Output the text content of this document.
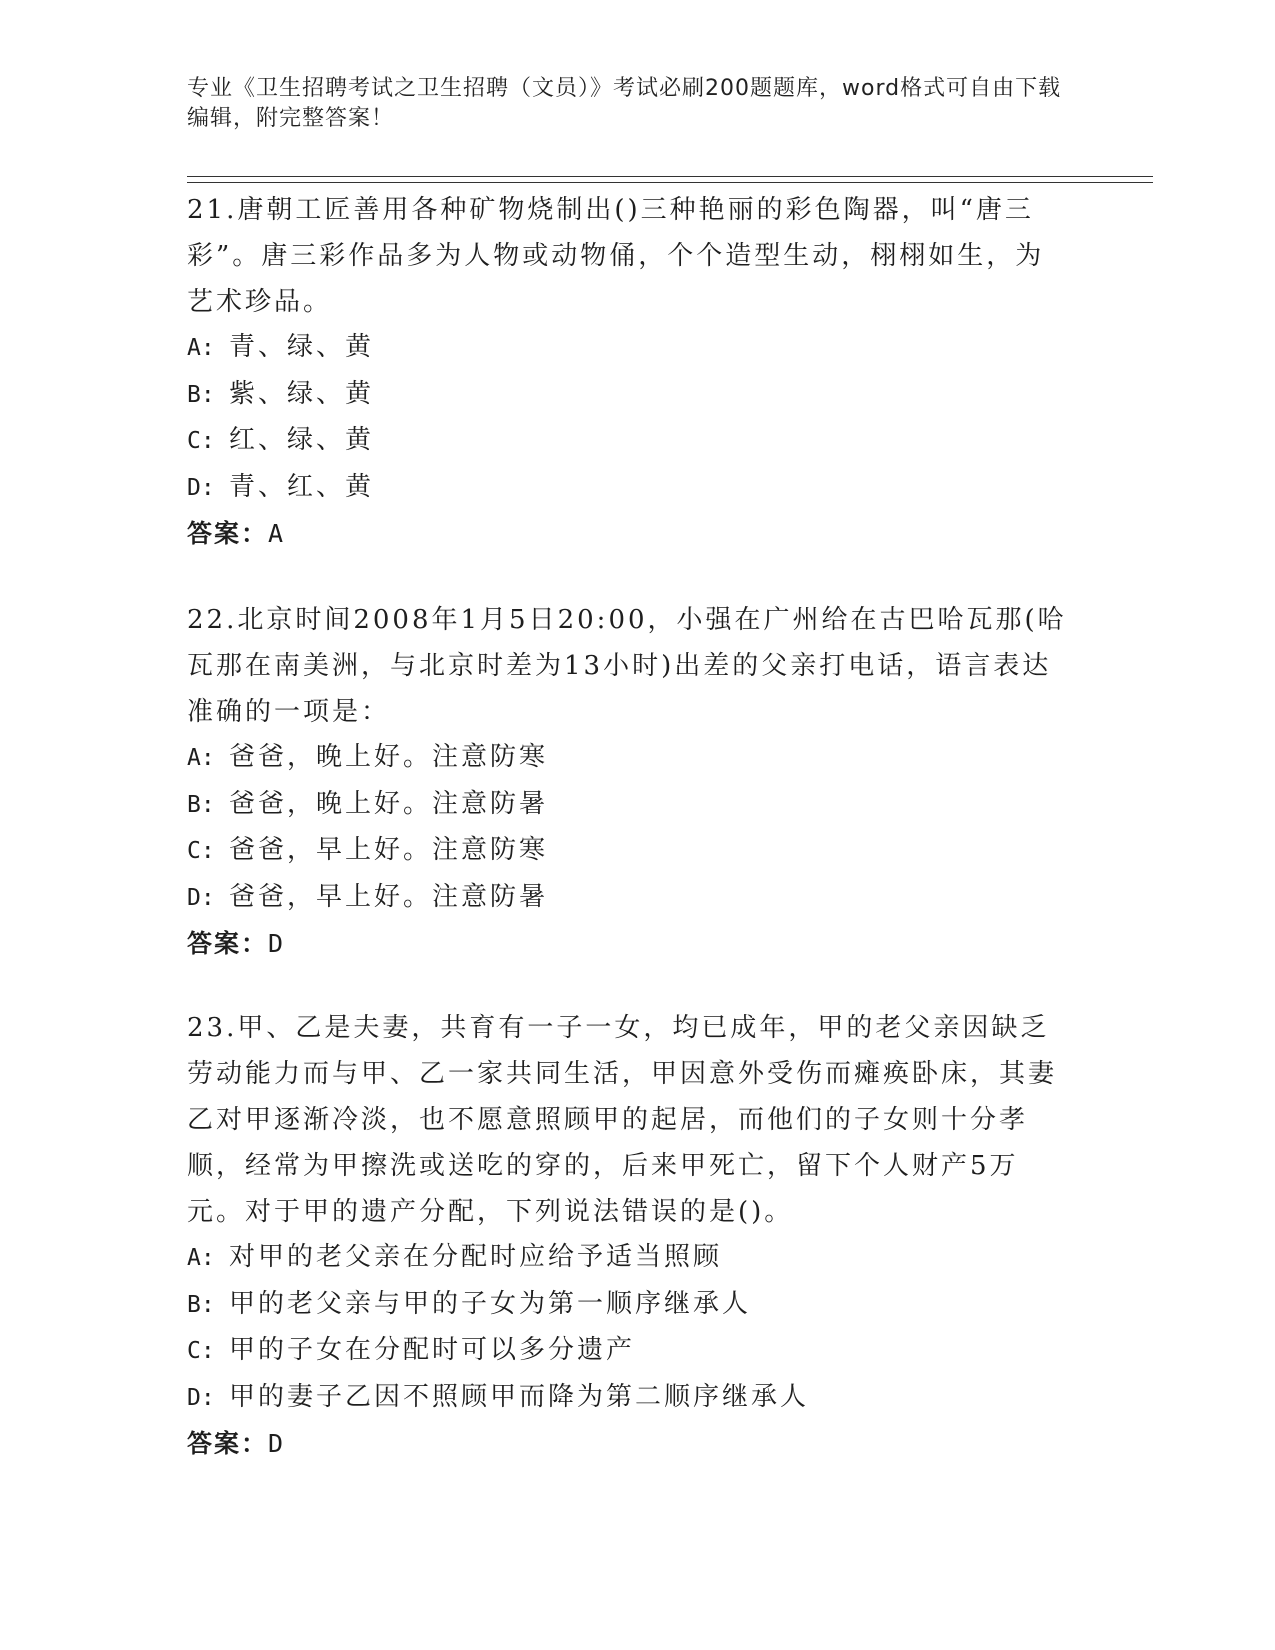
专业《卫生招聘考试之卫生招聘（文员）》考试必刷200题题库，word格式可自由下载编辑，附完整答案！

21.唐朝工匠善用各种矿物烧制出()三种艳丽的彩色陶器，叫“唐三彩”。唐三彩作品多为人物或动物俑，个个造型生动，栩栩如生，为艺术珍品。

A: 青、绿、黄

B: 紫、绿、黄

C: 红、绿、黄

D: 青、红、黄

答案：A

22.北京时间2008年1月5日20:00，小强在广州给在古巴哈瓦那(哈瓦那在南美洲，与北京时差为13小时)出差的父亲打电话，语言表达准确的一项是：

A: 爸爸，晚上好。注意防寒

B: 爸爸，晚上好。注意防暑

C: 爸爸，早上好。注意防寒

D: 爸爸，早上好。注意防暑

答案：D

23.甲、乙是夫妻，共育有一子一女，均已成年，甲的老父亲因缺乏劳动能力而与甲、乙一家共同生活，甲因意外受伤而瘫痪卧床，其妻乙对甲逐渐冷淡，也不愿意照顾甲的起居，而他们的子女则十分孝顺，经常为甲擦洗或送吃的穿的，后来甲死亡，留下个人财产5万元。对于甲的遗产分配，下列说法错误的是()。

A: 对甲的老父亲在分配时应给予适当照顾

B: 甲的老父亲与甲的子女为第一顺序继承人

C: 甲的子女在分配时可以多分遗产

D: 甲的妻子乙因不照顾甲而降为第二顺序继承人

答案：D
